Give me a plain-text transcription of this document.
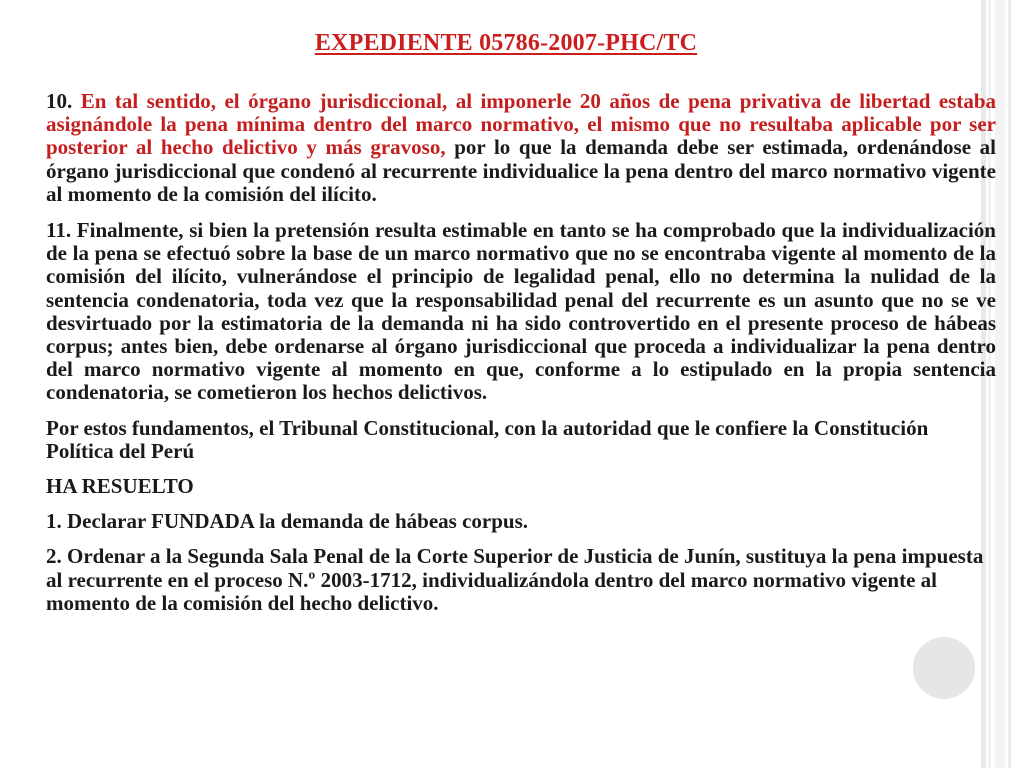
EXPEDIENTE 05786-2007-PHC/TC

10. En tal sentido, el órgano jurisdiccional, al imponerle 20 años de pena privativa de libertad estaba asignándole la pena mínima dentro del marco normativo, el mismo que no resultaba aplicable por ser posterior al hecho delictivo y más gravoso, por lo que la demanda debe ser estimada, ordenándose al órgano jurisdiccional que condenó al recurrente individualice la pena dentro del marco normativo vigente al momento de la comisión del ilícito.

11. Finalmente, si bien la pretensión resulta estimable en tanto se ha comprobado que la individualización de la pena se efectuó sobre la base de un marco normativo que no se encontraba vigente al momento de la comisión del ilícito, vulnerándose el principio de legalidad penal, ello no determina la nulidad de la sentencia condenatoria, toda vez que la responsabilidad penal del recurrente es un asunto que no se ve desvirtuado por la estimatoria de la demanda ni ha sido controvertido en el presente proceso de hábeas corpus; antes bien, debe ordenarse al órgano jurisdiccional que proceda a individualizar la pena dentro del marco normativo vigente al momento en que, conforme a lo estipulado en la propia sentencia condenatoria, se cometieron los hechos delictivos.

Por estos fundamentos, el Tribunal Constitucional, con la autoridad que le confiere la Constitución Política del Perú

HA RESUELTO

1. Declarar FUNDADA la demanda de hábeas corpus.

2. Ordenar a la Segunda Sala Penal de la Corte Superior de Justicia de Junín, sustituya la pena impuesta al recurrente en el proceso N.º 2003-1712, individualizándola dentro del marco normativo vigente al momento de la comisión del hecho delictivo.
